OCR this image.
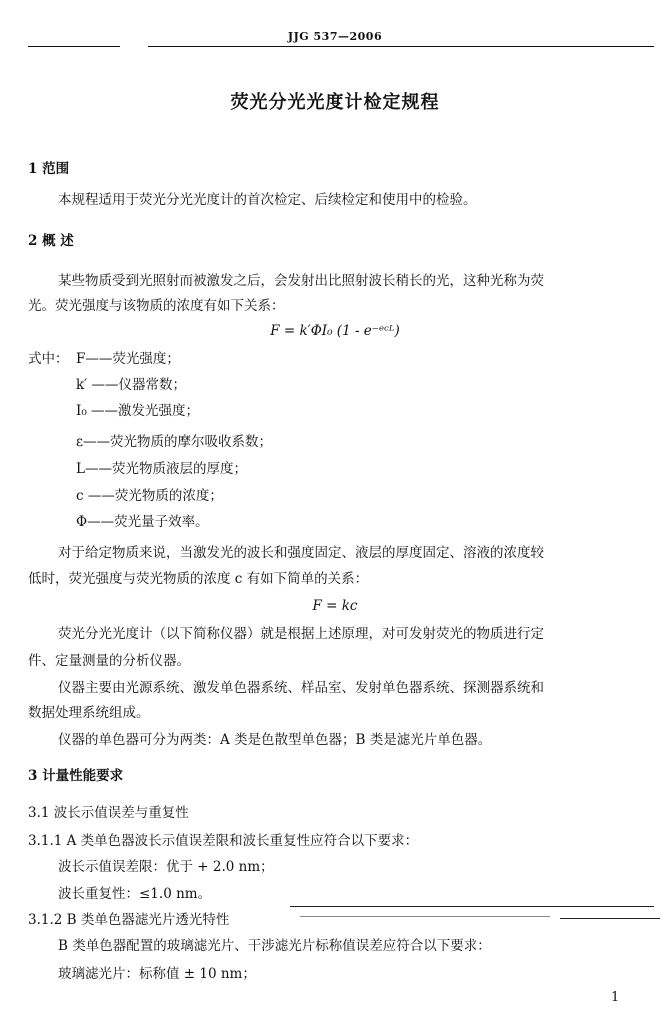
JJG 537—2006
荧光分光光度计检定规程
1 范围
本规程适用于荧光分光光度计的首次检定、后续检定和使用中的检验。
2 概 述
某些物质受到光照射而被激发之后，会发射出比照射波长稍长的光，这种光称为荧
光。荧光强度与该物质的浓度有如下关系：
F = k′ΦI₀ (1 - e⁻ᵉᶜᴸ)
式中： F——荧光强度；
k′ ——仪器常数；
I₀ ——激发光强度；
ε——荧光物质的摩尔吸收系数；
L——荧光物质液层的厚度；
c ——荧光物质的浓度；
Φ——荧光量子效率。
对于给定物质来说，当激发光的波长和强度固定、液层的厚度固定、溶液的浓度较
低时，荧光强度与荧光物质的浓度 c 有如下简单的关系：
F = kc
荧光分光光度计（以下简称仪器）就是根据上述原理，对可发射荧光的物质进行定
件、定量测量的分析仪器。
仪器主要由光源系统、激发单色器系统、样品室、发射单色器系统、探测器系统和
数据处理系统组成。
仪器的单色器可分为两类：A 类是色散型单色器；B 类是滤光片单色器。
3 计量性能要求
3.1 波长示值误差与重复性
3.1.1 A 类单色器波长示值误差限和波长重复性应符合以下要求：
波长示值误差限：优于 + 2.0 nm；
波长重复性：≤1.0 nm。
3.1.2 B 类单色器滤光片透光特性
B 类单色器配置的玻璃滤光片、干涉滤光片标称值误差应符合以下要求：
玻璃滤光片：标称值 ± 10 nm；
1
